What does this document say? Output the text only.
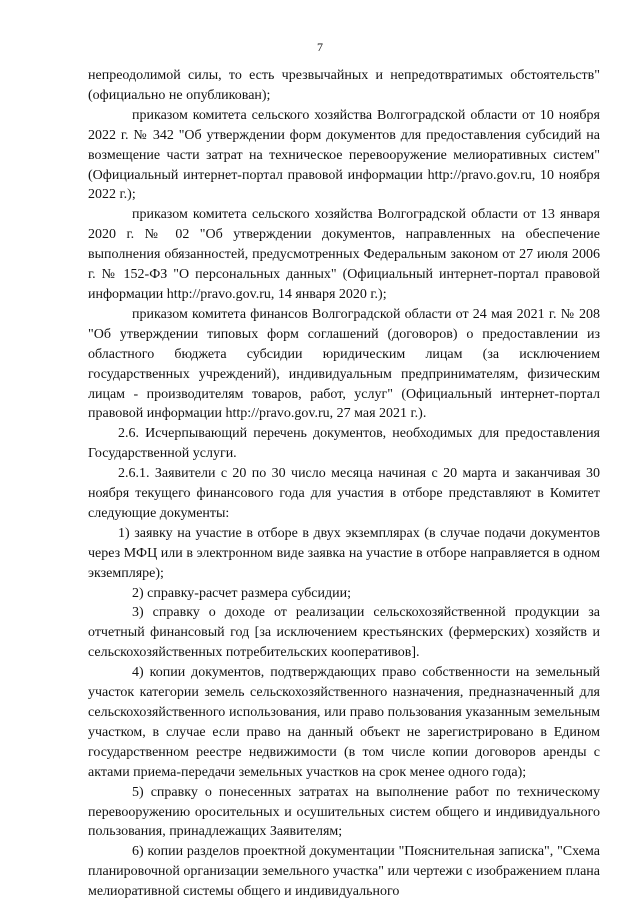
7

непреодолимой силы, то есть чрезвычайных и непредотвратимых обстоятельств" (официально не опубликован);

приказом комитета сельского хозяйства Волгоградской области от 10 ноября 2022 г. № 342 "Об утверждении форм документов для предоставления субсидий на возмещение части затрат на техническое перевооружение мелиоративных систем" (Официальный интернет-портал правовой информации http://pravo.gov.ru, 10 ноября 2022 г.);

приказом комитета сельского хозяйства Волгоградской области от 13 января 2020 г. № 02 "Об утверждении документов, направленных на обеспечение выполнения обязанностей, предусмотренных Федеральным законом от 27 июля 2006 г. № 152-ФЗ "О персональных данных" (Официальный интернет-портал правовой информации http://pravo.gov.ru, 14 января 2020 г.);

приказом комитета финансов Волгоградской области от 24 мая 2021 г. № 208 "Об утверждении типовых форм соглашений (договоров) о предоставлении из областного бюджета субсидии юридическим лицам (за исключением государственных учреждений), индивидуальным предпринимателям, физическим лицам - производителям товаров, работ, услуг" (Официальный интернет-портал правовой информации http://pravo.gov.ru, 27 мая 2021 г.).

2.6. Исчерпывающий перечень документов, необходимых для предоставления Государственной услуги.

2.6.1. Заявители с 20 по 30 число месяца начиная с 20 марта и заканчивая 30 ноября текущего финансового года для участия в отборе представляют в Комитет следующие документы:

1) заявку на участие в отборе в двух экземплярах (в случае подачи документов через МФЦ или в электронном виде заявка на участие в отборе направляется в одном экземпляре);

2) справку-расчет размера субсидии;

3) справку о доходе от реализации сельскохозяйственной продукции за отчетный финансовый год [за исключением крестьянских (фермерских) хозяйств и сельскохозяйственных потребительских кооперативов].

4) копии документов, подтверждающих право собственности на земельный участок категории земель сельскохозяйственного назначения, предназначенный для сельскохозяйственного использования, или право пользования указанным земельным участком, в случае если право на данный объект не зарегистрировано в Едином государственном реестре недвижимости (в том числе копии договоров аренды с актами приема-передачи земельных участков на срок менее одного года);

5) справку о понесенных затратах на выполнение работ по техническому перевооружению оросительных и осушительных систем общего и индивидуального пользования, принадлежащих Заявителям;

6) копии разделов проектной документации "Пояснительная записка", "Схема планировочной организации земельного участка" или чертежи с изображением плана мелиоративной системы общего и индивидуального
